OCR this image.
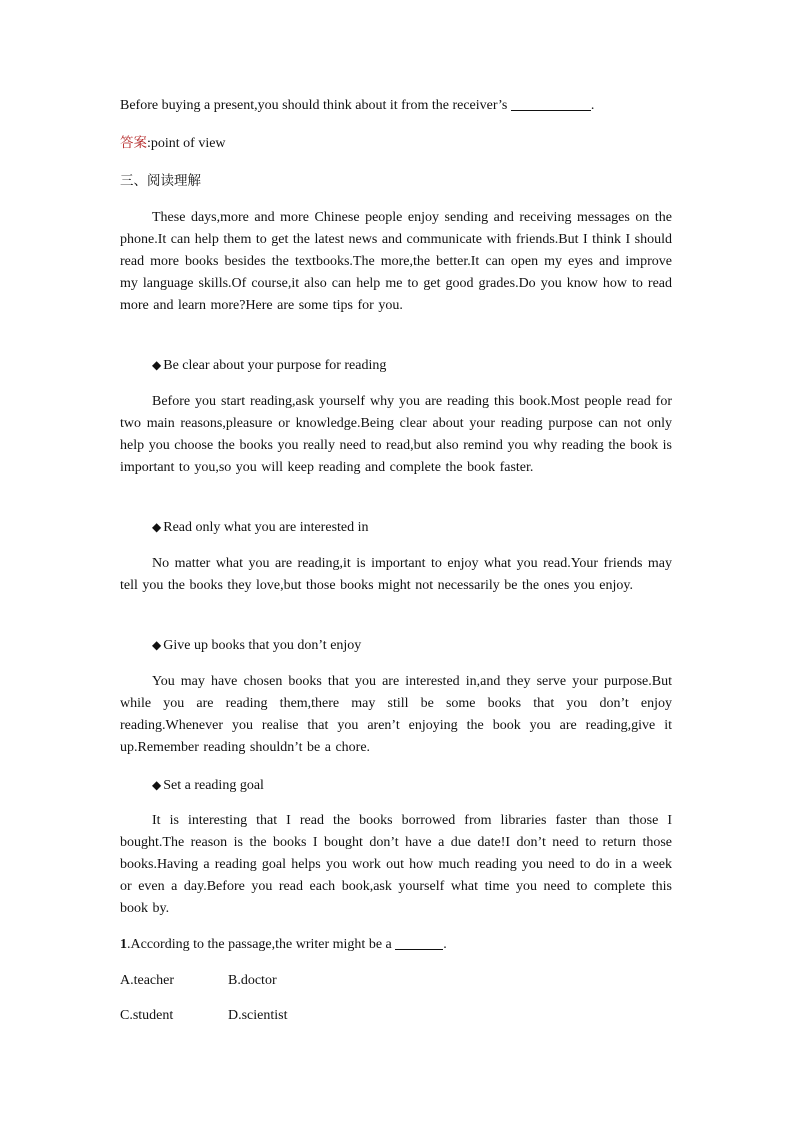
Before buying a present,you should think about it from the receiver’s	.
答案:point of view
三、阅读理解
These days,more and more Chinese people enjoy sending and receiving messages on the phone.It can help them to get the latest news and communicate with friends.But I think I should read more books besides the textbooks.The more,the better.It can open my eyes and improve my language skills.Of course,it also can help me to get good grades.Do you know how to read more and learn more?Here are some tips for you.
◆ Be clear about your purpose for reading
Before you start reading,ask yourself why you are reading this book.Most people read for two main reasons,pleasure or knowledge.Being clear about your reading purpose can not only help you choose the books you really need to read,but also remind you why reading the book is important to you,so you will keep reading and complete the book faster.
◆ Read only what you are interested in
No matter what you are reading,it is important to enjoy what you read.Your friends may tell you the books they love,but those books might not necessarily be the ones you enjoy.
◆ Give up books that you don’t enjoy
You may have chosen books that you are interested in,and they serve your purpose.But while you are reading them,there may still be some books that you don’t enjoy reading.Whenever you realise that you aren’t enjoying the book you are reading,give it up.Remember reading shouldn’t be a chore.
◆ Set a reading goal
It is interesting that I read the books borrowed from libraries faster than those I bought.The reason is the books I bought don’t have a due date!I don’t need to return those books.Having a reading goal helps you work out how much reading you need to do in a week or even a day.Before you read each book,ask yourself what time you need to complete this book by.
1.According to the passage,the writer might be a	.
A.teacher	B.doctor
C.student	D.scientist
